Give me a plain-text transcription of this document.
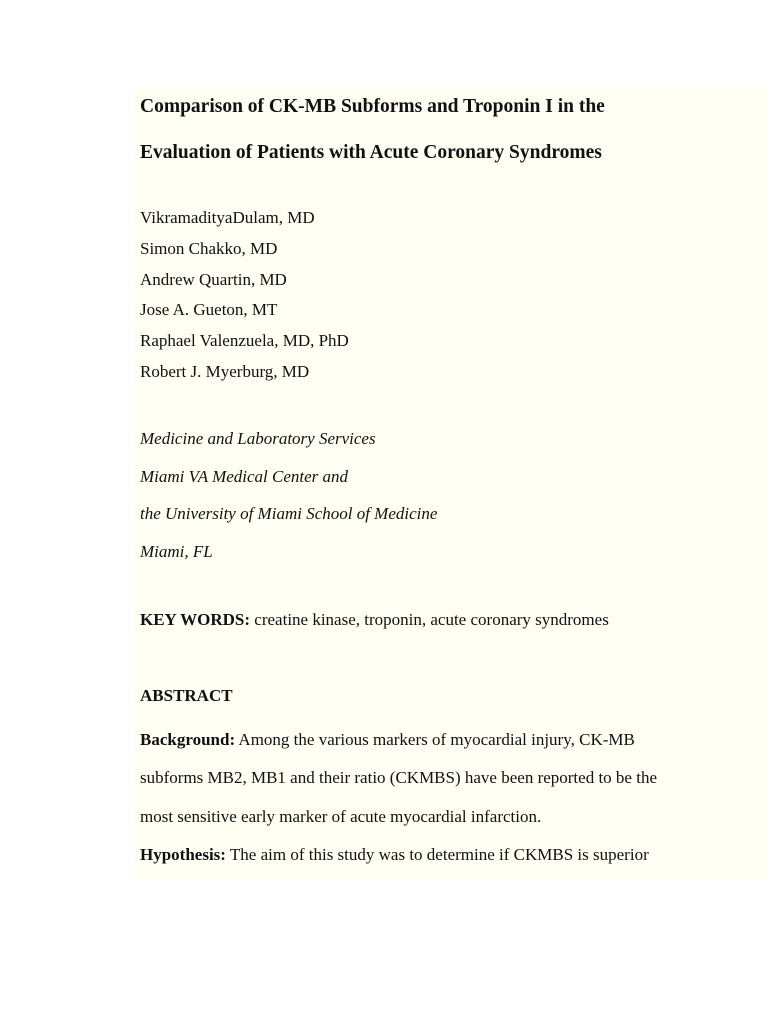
Comparison of CK-MB Subforms and Troponin I in the

Evaluation of Patients with Acute Coronary Syndromes

VikramadityaDulam, MD
Simon Chakko, MD
Andrew Quartin, MD
Jose A. Gueton, MT
Raphael Valenzuela, MD, PhD
Robert J. Myerburg, MD
Medicine and Laboratory Services
Miami VA Medical Center and
the University of Miami School of Medicine
Miami, FL
KEY WORDS: creatine kinase, troponin, acute coronary syndromes
ABSTRACT
Background: Among the various markers of myocardial injury, CK-MB
subforms MB2, MB1 and their ratio (CKMBS) have been reported to be the
most sensitive early marker of acute myocardial infarction.
Hypothesis: The aim of this study was to determine if CKMBS is superior
